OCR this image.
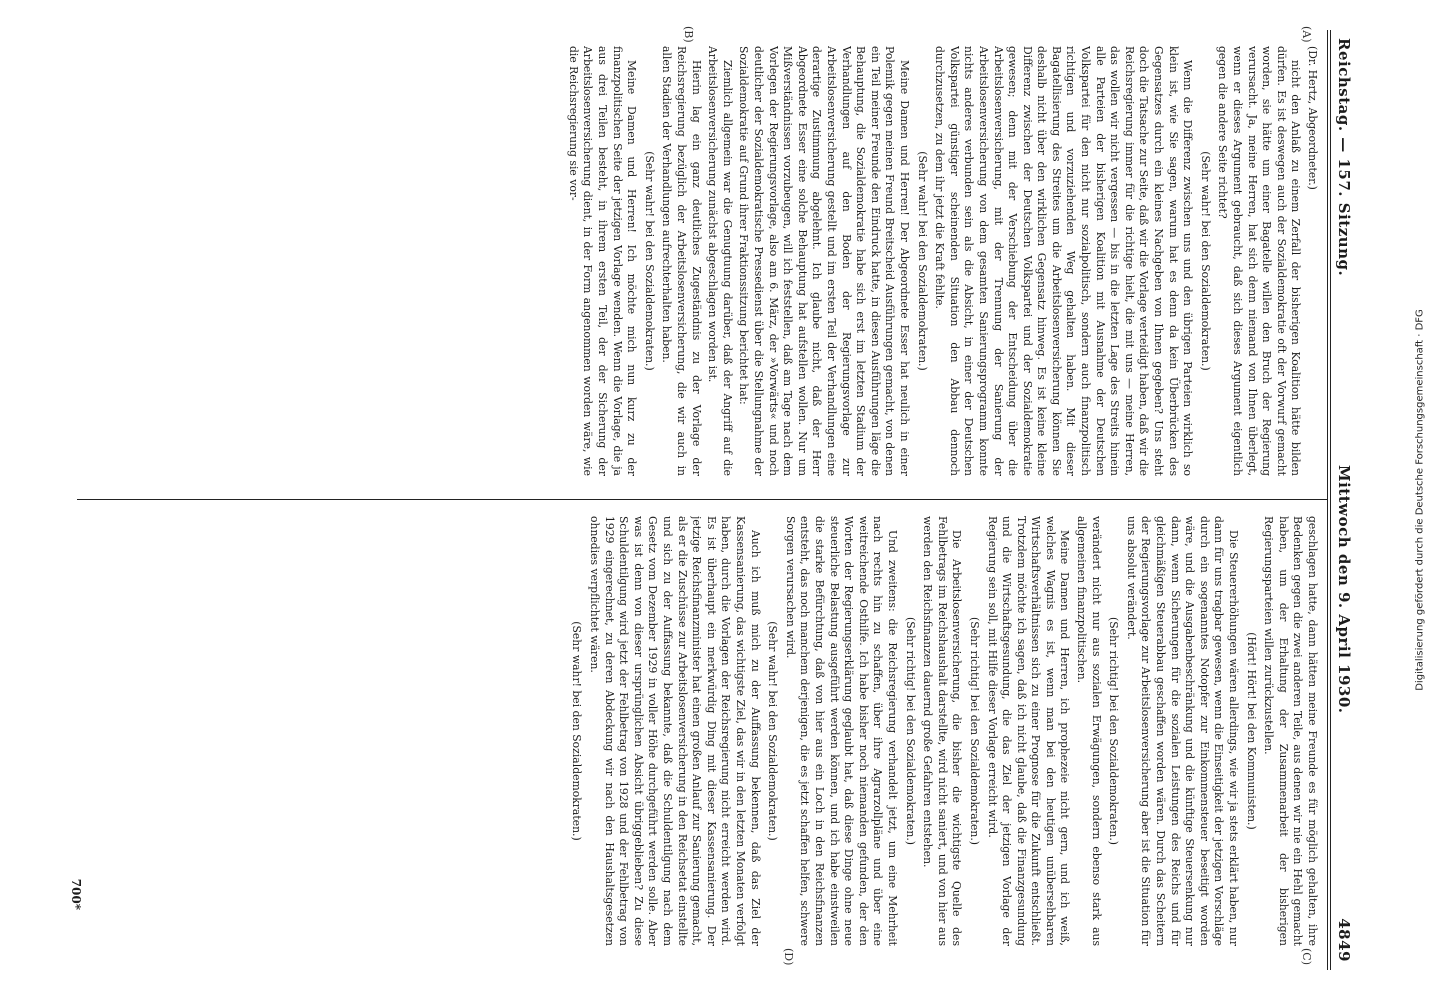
Reichstag. — 157. Sitzung.
Mittwoch den 9. April 1930.
4849
(A)
(B)
(C)
(D)

(Dr. Hertz, Abgeordneter.)

nicht den Anlaß zu einem Zerfall der bisherigen Koalition hätte bilden dürfen. Es ist deswegen auch der Sozialdemokratie oft der Vorwurf gemacht worden, sie hätte um einer Bagatelle willen den Bruch der Regierung verursacht. Ja, meine Herren, hat sich denn niemand von Ihnen überlegt, wenn er dieses Argument gebraucht, daß sich dieses Argument eigentlich gegen die andere Seite richtet?

(Sehr wahr! bei den Sozialdemokraten.)

Wenn die Differenz zwischen uns und den übrigen Parteien wirklich so klein ist, wie Sie sagen, warum hat es denn da kein Überbrücken des Gegensatzes durch ein kleines Nachgeben von Ihnen gegeben? Uns steht doch die Tatsache zur Seite, daß wir die Vorlage verteidigt haben, daß wir die Reichsregierung immer für die richtige hielt, die mit uns — meine Herren, das wollen wir nicht vergessen — bis in die letzten Lage des Streits hinein alle Parteien der bisherigen Koalition mit Ausnahme der Deutschen Volkspartei für den nicht nur sozialpolitisch, sondern auch finanzpolitisch richtigen und vorzuziehenden Weg gehalten haben. Mit dieser Bagatellisierung des Streites um die Arbeitslosenversicherung können Sie deshalb nicht über den wirklichen Gegensatz hinweg. Es ist keine kleine Differenz zwischen der Deutschen Volkspartei und der Sozialdemokratie gewesen; denn mit der Verschiebung der Entscheidung über die Arbeitslosenversicherung, mit der Trennung der Sanierung der Arbeitslosenversicherung von dem gesamten Sanierungsprogramm konnte nichts anderes verbunden sein als die Absicht, in einer der Deutschen Volkspartei günstiger scheinenden Situation den Abbau dennoch durchzusetzen, zu dem ihr jetzt die Kraft fehlte.

(Sehr wahr! bei den Sozialdemokraten.)

Meine Damen und Herren! Der Abgeordnete Esser hat neulich in einer Polemik gegen meinen Freund Breitscheid Ausführungen gemacht, von denen ein Teil meiner Freunde den Eindruck hatte, in diesen Ausführungen läge die Behauptung, die Sozialdemokratie habe sich erst im letzten Stadium der Verhandlungen auf den Boden der Regierungsvorlage zur Arbeitslosenversicherung gestellt und im ersten Teil der Verhandlungen eine derartige Zustimmung abgelehnt. Ich glaube nicht, daß der Herr Abgeordnete Esser eine solche Behauptung hat aufstellen wollen. Nur um Mißverständnissen vorzubeugen, will ich feststellen, daß am Tage nach dem Vorlegen der Regierungsvorlage, also am 6. März, der »Vorwärts« und noch deutlicher der Sozialdemokratische Pressedienst über die Stellungnahme der Sozialdemokratie auf Grund ihrer Fraktionssitzung berichtet hat:

Ziemlich allgemein war die Genugtuung darüber, daß der Angriff auf die Arbeitslosenversicherung zunächst abgeschlagen worden ist.

Hierin lag ein ganz deutliches Zugeständnis zu der Vorlage der Reichsregierung bezüglich der Arbeitslosenversicherung, die wir auch in allen Stadien der Verhandlungen aufrechterhalten haben.

(Sehr wahr! bei den Sozialdemokraten.)

Meine Damen und Herren! Ich möchte mich nun kurz zu der finanzpolitischen Seite der jetzigen Vorlage wenden. Wenn die Vorlage, die ja aus drei Teilen besteht, in ihrem ersten Teil, der der Sicherung der Arbeitslosenversicherung dient, in der Form angenommen worden wäre, wie die Reichsregierung sie vor-

geschlagen hatte, dann hätten meine Freunde es für möglich gehalten, ihre Bedenken gegen die zwei anderen Teile, aus denen wir nie ein Hehl gemacht haben, um der Erhaltung der Zusammenarbeit der bisherigen Regierungsparteien willen zurückzustellen.

(Hört! Hört! bei den Kommunisten.)

Die Steuererhöhungen wären allerdings, wie wir ja stets erklärt haben, nur dann für uns tragbar gewesen, wenn die Einseitigkeit der jetzigen Vorschläge durch ein sogenanntes Notopfer zur Einkommensteuer beseitigt worden wäre, und die Ausgabenbeschränkung und die künftige Steuersenkung nur dann, wenn Sicherungen für die sozialen Leistungen des Reichs und für gleichmäßigen Steuerabbau geschaffen worden wären. Durch das Scheitern der Regierungsvorlage zur Arbeitslosenversicherung aber ist die Situation für uns absolut verändert.

(Sehr richtig! bei den Sozialdemokraten.)

verändert nicht nur aus sozialen Erwägungen, sondern ebenso stark aus allgemeinen finanzpolitischen.

Meine Damen und Herren, ich prophezeie nicht gern, und ich weiß, welches Wagnis es ist, wenn man bei den heutigen unübersehbaren Wirtschaftsverhältnissen sich zu einer Prognose für die Zukunft entschließt. Trotzdem möchte ich sagen, daß ich nicht glaube, daß die Finanzgesundung und die Wirtschaftsgesundung, die das Ziel der jetzigen Vorlage der Regierung sein soll, mit Hilfe dieser Vorlage erreicht wird.

(Sehr richtig! bei den Sozialdemokraten.)

Die Arbeitslosenversicherung, die bisher die wichtigste Quelle des Fehlbetrags im Reichshaushalt darstellte, wird nicht saniert, und von hier aus werden den Reichsfinanzen dauernd große Gefahren entstehen.

(Sehr richtig! bei den Sozialdemokraten.)

Und zweitens: die Reichsregierung verhandelt jetzt, um eine Mehrheit nach rechts hin zu schaffen, über ihre Agrarzollpläne und über eine weitreichende Osthilfe. Ich habe bisher noch niemanden gefunden, der den Worten der Regierungserklärung geglaubt hat, daß diese Dinge ohne neue steuerliche Belastung ausgeführt werden können, und ich habe einstweilen die starke Befürchtung, daß von hier aus ein Loch in den Reichsfinanzen entsteht, das noch manchem derjenigen, die es jetzt schaffen helfen, schwere Sorgen verursachen wird.

(Sehr wahr! bei den Sozialdemokraten.)

Auch ich muß mich zu der Auffassung bekennen, daß das Ziel der Kassensanierung, das wichtigste Ziel, das wir in den letzten Monaten verfolgt haben, durch die Vorlagen der Reichsregierung nicht erreicht werden wird. Es ist überhaupt ein merkwürdig Ding mit dieser Kassensanierung. Der jetzige Reichsfinanzminister hat einen großen Anlauf zur Sanierung gemacht, als er die Zuschüsse zur Arbeitslosenversicherung in den Reichsetat einstellte und sich zu der Auffassung bekannte, daß die Schuldentilgung nach dem Gesetz vom Dezember 1929 in voller Höhe durchgeführt werden solle. Aber was ist denn von dieser ursprünglichen Absicht übriggeblieben? Zu diese Schuldentilgung wird jetzt der Fehlbetrag von 1928 und der Fehlbetrag von 1929 eingerechnet, zu deren Abdeckung wir nach den Haushaltsgesetzen ohnedies verpflichtet wären.

(Sehr wahr! bei den Sozialdemokraten.)

700*
Digitalisierung gefördert durch die Deutsche Forschungsgemeinschaft · DFG
